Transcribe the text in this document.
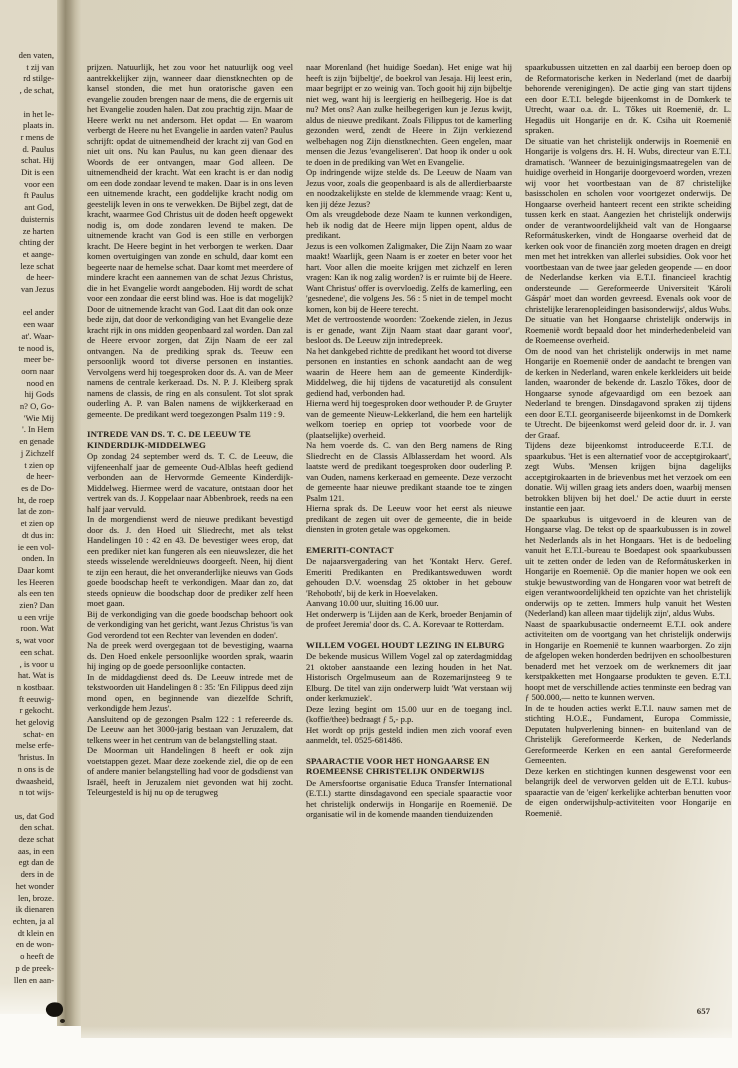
den vaten,
t zij van
rd stilge-
, de schat,
in het le-
plaats in.
r mens de
d. Paulus
schat. Hij
Dit is een
voor een
ft Paulus
ant God,
duisternis
ze harten
chting der
et aange-
leze schat
de heer-
van Jezus
eel ander
een waar
at'. Waar-
te nood is,
meer be-
oorn naar
nood en
hij Gods
n? O, Go-
'Wie Mij
'. In Hem
en genade
j Zichzelf
t zien op
de heer-
es de Do-
ht, de roep
lat de zon-
et zien op
dt dus in:
ie een vol-
onden. In
Daar komt
les Heeren
als een ten
zien? Dan
u een vrije
roon. Wat
s, wat voor
een schat.
, is voor u
hat. Wat is
n kostbaar.
ft eeuwig-
r gekocht.
het gelovig
schat- en
melse erfe-
'hristus. In
n ons is de
dwaasheid,
n tot wijs-
us, dat God
den schat.
deze schat
aas, in een
egt dan de
ders in de
het wonder
len, broze.
ik dienaren
echten, ja al
dt klein en
en de won-
o heeft de
p de preek-
llen en aan-
prijzen. Natuurlijk, het zou voor het natuurlijk oog veel aantrekkelijker zijn, wanneer daar dienstknechten op de kansel stonden, die met hun oratorische gaven een evangelie zouden brengen naar de mens, die de ergernis uit het Evangelie zouden halen. Dat zou prachtig zijn. Maar de Heere werkt nu net andersom. Het opdat — En waarom verbergt de Heere nu het Evangelie in aarden vaten? Paulus schrijft: opdat de uitnemendheid der kracht zij van God en niet uit ons. Nu kan Paulus, nu kan geen dienaar des Woords de eer ontvangen, maar God alleen. De uitnemendheid der kracht. Wat een kracht is er dan nodig om een dode zondaar levend te maken. Daar is in ons leven een uitnemende kracht, een goddelijke kracht nodig om geestelijk leven in ons te verwekken. De Bijbel zegt, dat de kracht, waarmee God Christus uit de doden heeft opgewekt nodig is, om dode zondaren levend te maken. De uitnemende kracht van God is een stille en verborgen kracht. De Heere begint in het verborgen te werken. Daar komen overtuigingen van zonde en schuld, daar komt een begeerte naar de hemelse schat. Daar komt met meerdere of mindere kracht een aannemen van de schat Jezus Christus, die in het Evangelie wordt aangeboden. Hij wordt de schat voor een zondaar die eerst blind was. Hoe is dat mogelijk? Door de uitnemende kracht van God. Laat dit dan ook onze bede zijn, dat door de verkondiging van het Evangelie deze kracht rijk in ons midden geopenbaard zal worden. Dan zal de Heere ervoor zorgen, dat Zijn Naam de eer zal ontvangen. Na de prediking sprak ds. Teeuw een persoonlijk woord tot diverse personen en instanties. Vervolgens werd hij toegesproken door ds. A. van de Meer namens de centrale kerkeraad. Ds. N. P. J. Kleiberg sprak namens de classis, de ring en als consulent. Tot slot sprak ouderling A. P. van Balen namens de wijkkerkeraad en gemeente. De predikant werd toegezongen Psalm 119 : 9.
INTREDE VAN DS. T. C. DE LEEUW TE KINDERDIJK-MIDDELWEG
Op zondag 24 september werd ds. T. C. de Leeuw, die vijfeneenhalf jaar de gemeente Oud-Alblas heeft gediend verbonden aan de Hervormde Gemeente Kinderdijk-Middelweg. Hiermee werd de vacature, ontstaan door het vertrek van ds. J. Koppelaar naar Abbenbroek, reeds na een half jaar vervuld.
In de morgendienst werd de nieuwe predikant bevestigd door ds. J. den Hoed uit Sliedrecht, met als tekst Handelingen 10 : 42 en 43. De bevestiger wees erop, dat een prediker niet kan fungeren als een nieuwslezer, die het steeds wisselende wereldnieuws doorgeeft. Neen, hij dient te zijn een heraut, die het onveranderlijke nieuws van Gods goede boodschap heeft te verkondigen. Maar dan zo, dat steeds opnieuw die boodschap door de prediker zelf heen moet gaan.
Bij de verkondiging van die goede boodschap behoort ook de verkondiging van het gericht, want Jezus Christus 'is van God verordend tot een Rechter van levenden en doden'.
Na de preek werd overgegaan tot de bevestiging, waarna ds. Den Hoed enkele persoonlijke woorden sprak, waarin hij inging op de goede persoonlijke contacten.
In de middagdienst deed ds. De Leeuw intrede met de tekstwoorden uit Handelingen 8 : 35: 'En Filippus deed zijn mond open, en beginnende van diezelfde Schrift, verkondigde hem Jezus'.
Aansluitend op de gezongen Psalm 122 : 1 refereerde ds. De Leeuw aan het 3000-jarig bestaan van Jeruzalem, dat telkens weer in het centrum van de belangstelling staat.
De Moorman uit Handelingen 8 heeft er ook zijn voetstappen gezet. Maar deze zoekende ziel, die op de een of andere manier belangstelling had voor de godsdienst van Israël, heeft in Jeruzalem niet gevonden wat hij zocht. Teleurgesteld is hij nu op de terugweg
naar Morenland (het huidige Soedan). Het enige wat hij heeft is zijn 'bijbeltje', de boekrol van Jesaja. Hij leest erin, maar begrijpt er zo weinig van. Toch gooit hij zijn bijbeltje niet weg, want hij is leergierig en heilbegerig. Hoe is dat nu? Met ons? Aan zulke heilbegerigen kun je Jezus kwijt, aldus de nieuwe predikant. Zoals Filippus tot de kamerling gezonden werd, zendt de Heere in Zijn verkiezend welbehagen nog Zijn dienstknechten. Geen engelen, maar mensen die Jezus 'evangeliseren'. Dat hoop ik onder u ook te doen in de prediking van Wet en Evangelie.
Op indringende wijze stelde ds. De Leeuw de Naam van Jezus voor, zoals die geopenbaard is als de allerdierbaarste en noodzakelijkste en stelde de klemmende vraag: Kent u, ken jij déze Jezus?
Om als vreugdebode deze Naam te kunnen verkondigen, heb ik nodig dat de Heere mijn lippen opent, aldus de predikant.
Jezus is een volkomen Zaligmaker, Die Zijn Naam zo waar maakt! Waarlijk, geen Naam is er zoeter en beter voor het hart. Voor allen die moeite krijgen met zichzelf en leren vragen: Kan ik nog zalig worden? is er ruimte bij de Heere. Want Christus' offer is overvloedig. Zelfs de kamerling, een 'gesnedene', die volgens Jes. 56 : 5 niet in de tempel mocht komen, kon bij de Heere terecht.
Met de vertroostende woorden: 'Zoekende zielen, in Jezus is er genade, want Zijn Naam staat daar garant voor', besloot ds. De Leeuw zijn intredepreek.
Na het dankgebed richtte de predikant het woord tot diverse personen en instanties en schonk aandacht aan de weg waarin de Heere hem aan de gemeente Kinderdijk-Middelweg, die hij tijdens de vacaturetijd als consulent gediend had, verbonden had.
Hierna werd hij toegesproken door wethouder P. de Gruyter van de gemeente Nieuw-Lekkerland, die hem een hartelijk welkom toeriep en opriep tot voorbede voor de (plaatselijke) overheid.
Na hem voerde ds. C. van den Berg namens de Ring Sliedrecht en de Classis Alblasserdam het woord. Als laatste werd de predikant toegesproken door ouderling P. van Ouden, namens kerkeraad en gemeente. Deze verzocht de gemeente haar nieuwe predikant staande toe te zingen Psalm 121.
Hierna sprak ds. De Leeuw voor het eerst als nieuwe predikant de zegen uit over de gemeente, die in beide diensten in groten getale was opgekomen.
EMERITI-CONTACT
De najaarsvergadering van het 'Kontakt Herv. Geref. Emeriti Predikanten en Predikantsweduwen wordt gehouden D.V. woensdag 25 oktober in het gebouw 'Rehoboth', bij de kerk in Hoevelaken.
Aanvang 10.00 uur, sluiting 16.00 uur.
Het onderwerp is 'Lijden aan de Kerk, broeder Benjamin of de profeet Jeremia' door ds. C. A. Korevaar te Rotterdam.
WILLEM VOGEL HOUDT LEZING IN ELBURG
De bekende musicus Willem Vogel zal op zaterdagmiddag 21 oktober aanstaande een lezing houden in het Nat. Historisch Orgelmuseum aan de Rozemarijnsteeg 9 te Elburg. De titel van zijn onderwerp luidt 'Wat verstaan wij onder kerkmuziek'.
Deze lezing begint om 15.00 uur en de toegang incl. (koffie/thee) bedraagt ƒ 5,- p.p.
Het wordt op prijs gesteld indien men zich vooraf even aanmeldt, tel. 0525-681486.
SPAARACTIE VOOR HET HONGAARSE EN ROEMEENSE CHRISTELIJK ONDERWIJS
De Amersfoortse organisatie Educa Transfer International (E.T.I.) startte dinsdagavond een speciale spaaractie voor het christelijk onderwijs in Hongarije en Roemenië. De organisatie wil in de komende maanden tienduizenden
spaarkubussen uitzetten en zal daarbij een beroep doen op de Reformatorische kerken in Nederland (met de daarbij behorende verenigingen). De actie ging van start tijdens een door E.T.I. belegde bijeenkomst in de Domkerk te Utrecht, waar o.a. dr. L. Tőkes uit Roemenië, dr. L. Hegadüs uit Hongarije en dr. K. Csiha uit Roemenië spraken.
De situatie van het christelijk onderwijs in Roemenië en Hongarije is volgens drs. H. H. Wubs, directeur van E.T.I. dramatisch. 'Wanneer de bezuinigingsmaatregelen van de huidige overheid in Hongarije doorgevoerd worden, vrezen wij voor het voortbestaan van de 87 christelijke basisscholen en scholen voor voortgezet onderwijs. De Hongaarse overheid hanteert recent een strikte scheiding tussen kerk en staat. Aangezien het christelijk onderwijs onder de verantwoordelijkheid valt van de Hongaarse Reformátuskerken, vindt de Hongaarse overheid dat de kerken ook voor de financiën zorg moeten dragen en dreigt men met het intrekken van allerlei subsidies. Ook voor het voortbestaan van de twee jaar geleden geopende — en door de Nederlandse kerken via E.T.I. financieel krachtig ondersteunde — Gereformeerde Universiteit 'Károli Gáspár' moet dan worden gevreesd. Evenals ook voor de christelijke lerarenopleidingen basisonderwijs', aldus Wubs. De situatie van het Hongaarse christelijk onderwijs in Roemenië wordt bepaald door het minderhedenbeleid van de Roemeense overheid.
Om de nood van het christelijk onderwijs in met name Hongarije en Roemenië onder de aandacht te brengen van de kerken in Nederland, waren enkele kerkleiders uit beide landen, waaronder de bekende dr. Laszlo Tőkes, door de Hongaarse synode afgevaardigd om een bezoek aan Nederland te brengen. Dinsdagavond spraken zij tijdens een door E.T.I. georganiseerde bijeenkomst in de Domkerk te Utrecht. De bijeenkomst werd geleid door dr. ir. J. van der Graaf.
Tijdens deze bijeenkomst introduceerde E.T.I. de spaarkubus. 'Het is een alternatief voor de acceptgirokaart', zegt Wubs. 'Mensen krijgen bijna dagelijks acceptgirokaarten in de brievenbus met het verzoek om een donatie. Wij willen graag iets anders doen, waarbij mensen betrokken blijven bij het doel.' De actie duurt in eerste instantie een jaar.
De spaarkubus is uitgevoerd in de kleuren van de Hongaarse vlag. De tekst op de spaarkubussen is in zowel het Nederlands als in het Hongaars. 'Het is de bedoeling vanuit het E.T.I.-bureau te Boedapest ook spaarkubussen uit te zetten onder de leden van de Reformátuskerken in Hongarije en Roemenië. Op die manier hopen we ook een stukje bewustwording van de Hongaren voor wat betreft de eigen verantwoordelijkheid ten opzichte van het christelijk onderwijs op te zetten. Immers hulp vanuit het Westen (Nederland) kan alleen maar tijdelijk zijn', aldus Wubs.
Naast de spaarkubusactie onderneemt E.T.I. ook andere activiteiten om de voortgang van het christelijk onderwijs in Hongarije en Roemenië te kunnen waarborgen. Zo zijn de afgelopen weken honderden bedrijven en schoolbesturen benaderd met het verzoek om de werknemers dit jaar kerstpakketten met Hongaarse produkten te geven. E.T.I. hoopt met de verschillende acties tenminste een bedrag van ƒ 500.000,— netto te kunnen werven.
In de te houden acties werkt E.T.I. nauw samen met de stichting H.O.E., Fundament, Europa Commissie, Deputaten hulpverlening binnen- en buitenland van de Christelijk Gereformeerde Kerken, de Nederlands Gereformeerde Kerken en een aantal Gereformeerde Gemeenten.
Deze kerken en stichtingen kunnen desgewenst voor een belangrijk deel de verworven gelden uit de E.T.I. kubus-spaaractie van de 'eigen' kerkelijke achterban benutten voor de eigen onderwijshulp-activiteiten voor Hongarije en Roemenië.
657
